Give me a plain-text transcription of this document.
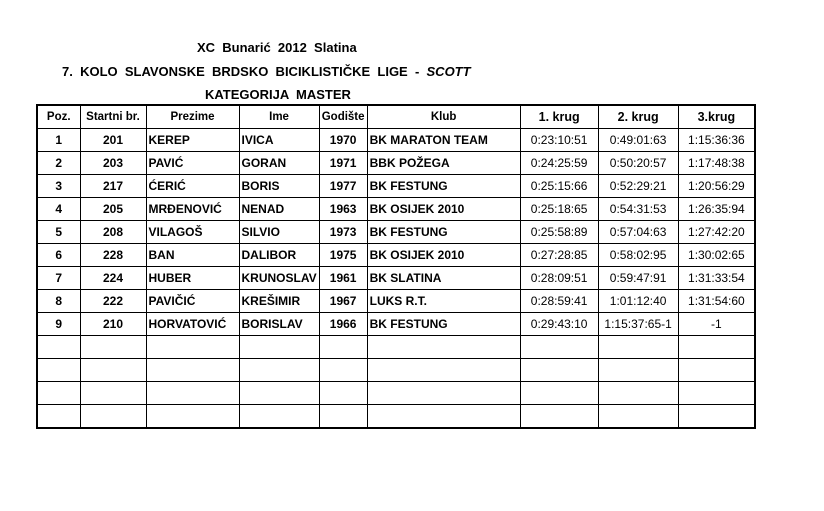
XC  Bunarić  2012  Slatina
7.  KOLO  SLAVONSKE  BRDSKO  BICIKLISTIČKE  LIGE  -  SCOTT
KATEGORIJA  MASTER
Poz.	Startni br.	Prezime	Ime	Godište	Klub	1. krug	2. krug	3.krug
1	201	KEREP	IVICA	1970	BK MARATON TEAM	0:23:10:51	0:49:01:63	1:15:36:36
2	203	PAVIĆ	GORAN	1971	BBK POŽEGA	0:24:25:59	0:50:20:57	1:17:48:38
3	217	ĆERIĆ	BORIS	1977	BK FESTUNG	0:25:15:66	0:52:29:21	1:20:56:29
4	205	MRĐENOVIĆ	NENAD	1963	BK OSIJEK 2010	0:25:18:65	0:54:31:53	1:26:35:94
5	208	VILAGOŠ	SILVIO	1973	BK FESTUNG	0:25:58:89	0:57:04:63	1:27:42:20
6	228	BAN	DALIBOR	1975	BK OSIJEK 2010	0:27:28:85	0:58:02:95	1:30:02:65
7	224	HUBER	KRUNOSLAV	1961	BK SLATINA	0:28:09:51	0:59:47:91	1:31:33:54
8	222	PAVIČIĆ	KREŠIMIR	1967	LUKS R.T.	0:28:59:41	1:01:12:40	1:31:54:60
9	210	HORVATOVIĆ	BORISLAV	1966	BK FESTUNG	0:29:43:10	1:15:37:65-1	-1
